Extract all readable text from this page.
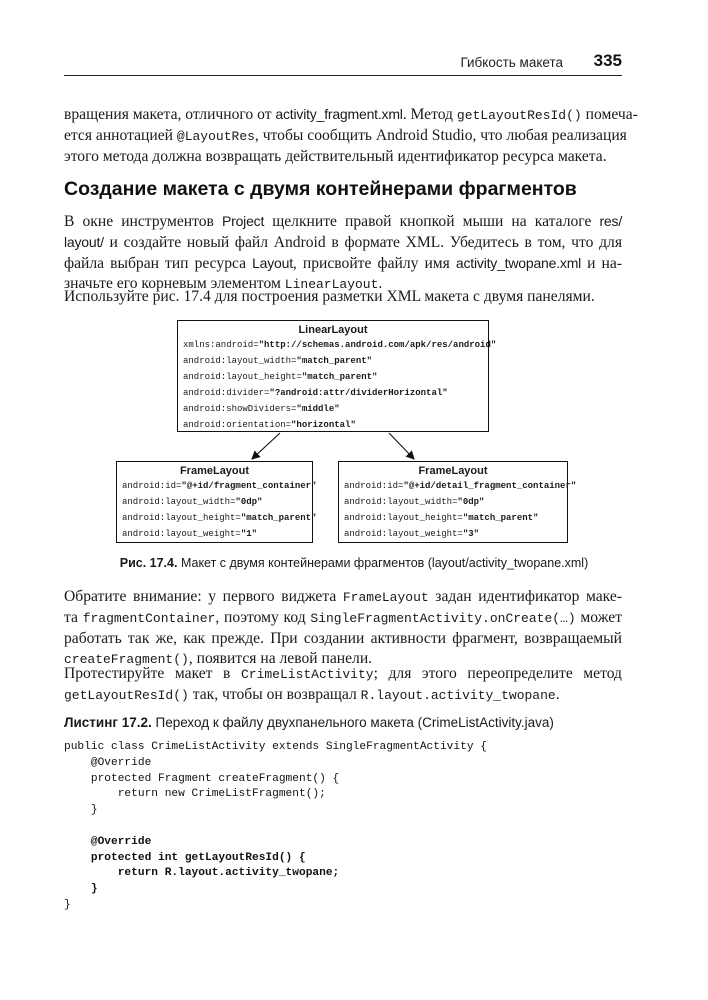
Гибкость макета 335

вращения макета, отличного от activity_fragment.xml. Метод getLayoutResId() помеча-
ется аннотацией @LayoutRes, чтобы сообщить Android Studio, что любая реализация
этого метода должна возвращать действительный идентификатор ресурса макета.

Создание макета с двумя контейнерами фрагментов

В окне инструментов Project щелкните правой кнопкой мыши на каталоге res/
layout/ и создайте новый файл Android в формате XML. Убедитесь в том, что для
файла выбран тип ресурса Layout, присвойте файлу имя activity_twopane.xml и на-
значьте его корневым элементом LinearLayout.

Используйте рис. 17.4 для построения разметки XML макета с двумя панелями.

LinearLayout
xmlns:android="http://schemas.android.com/apk/res/android"
android:layout_width="match_parent"
android:layout_height="match_parent"
android:divider="?android:attr/dividerHorizontal"
android:showDividers="middle"
android:orientation="horizontal"
FrameLayout
android:id="@+id/fragment_container"
android:layout_width="0dp"
android:layout_height="match_parent"
android:layout_weight="1"
FrameLayout
android:id="@+id/detail_fragment_container"
android:layout_width="0dp"
android:layout_height="match_parent"
android:layout_weight="3"
Рис. 17.4. Макет с двумя контейнерами фрагментов (layout/activity_twopane.xml)

Обратите внимание: у первого виджета FrameLayout задан идентификатор маке-
та fragmentContainer, поэтому код SingleFragmentActivity.onCreate(…) может
работать так же, как прежде. При создании активности фрагмент, возвращаемый
createFragment(), появится на левой панели.

Протестируйте макет в CrimeListActivity; для этого переопределите метод
getLayoutResId() так, чтобы он возвращал R.layout.activity_twopane.

Листинг 17.2. Переход к файлу двухпанельного макета (CrimeListActivity.java)
public class CrimeListActivity extends SingleFragmentActivity {
@Override
protected Fragment createFragment() {
return new CrimeListFragment();
}

@Override
protected int getLayoutResId() {
return R.layout.activity_twopane;
}
}
